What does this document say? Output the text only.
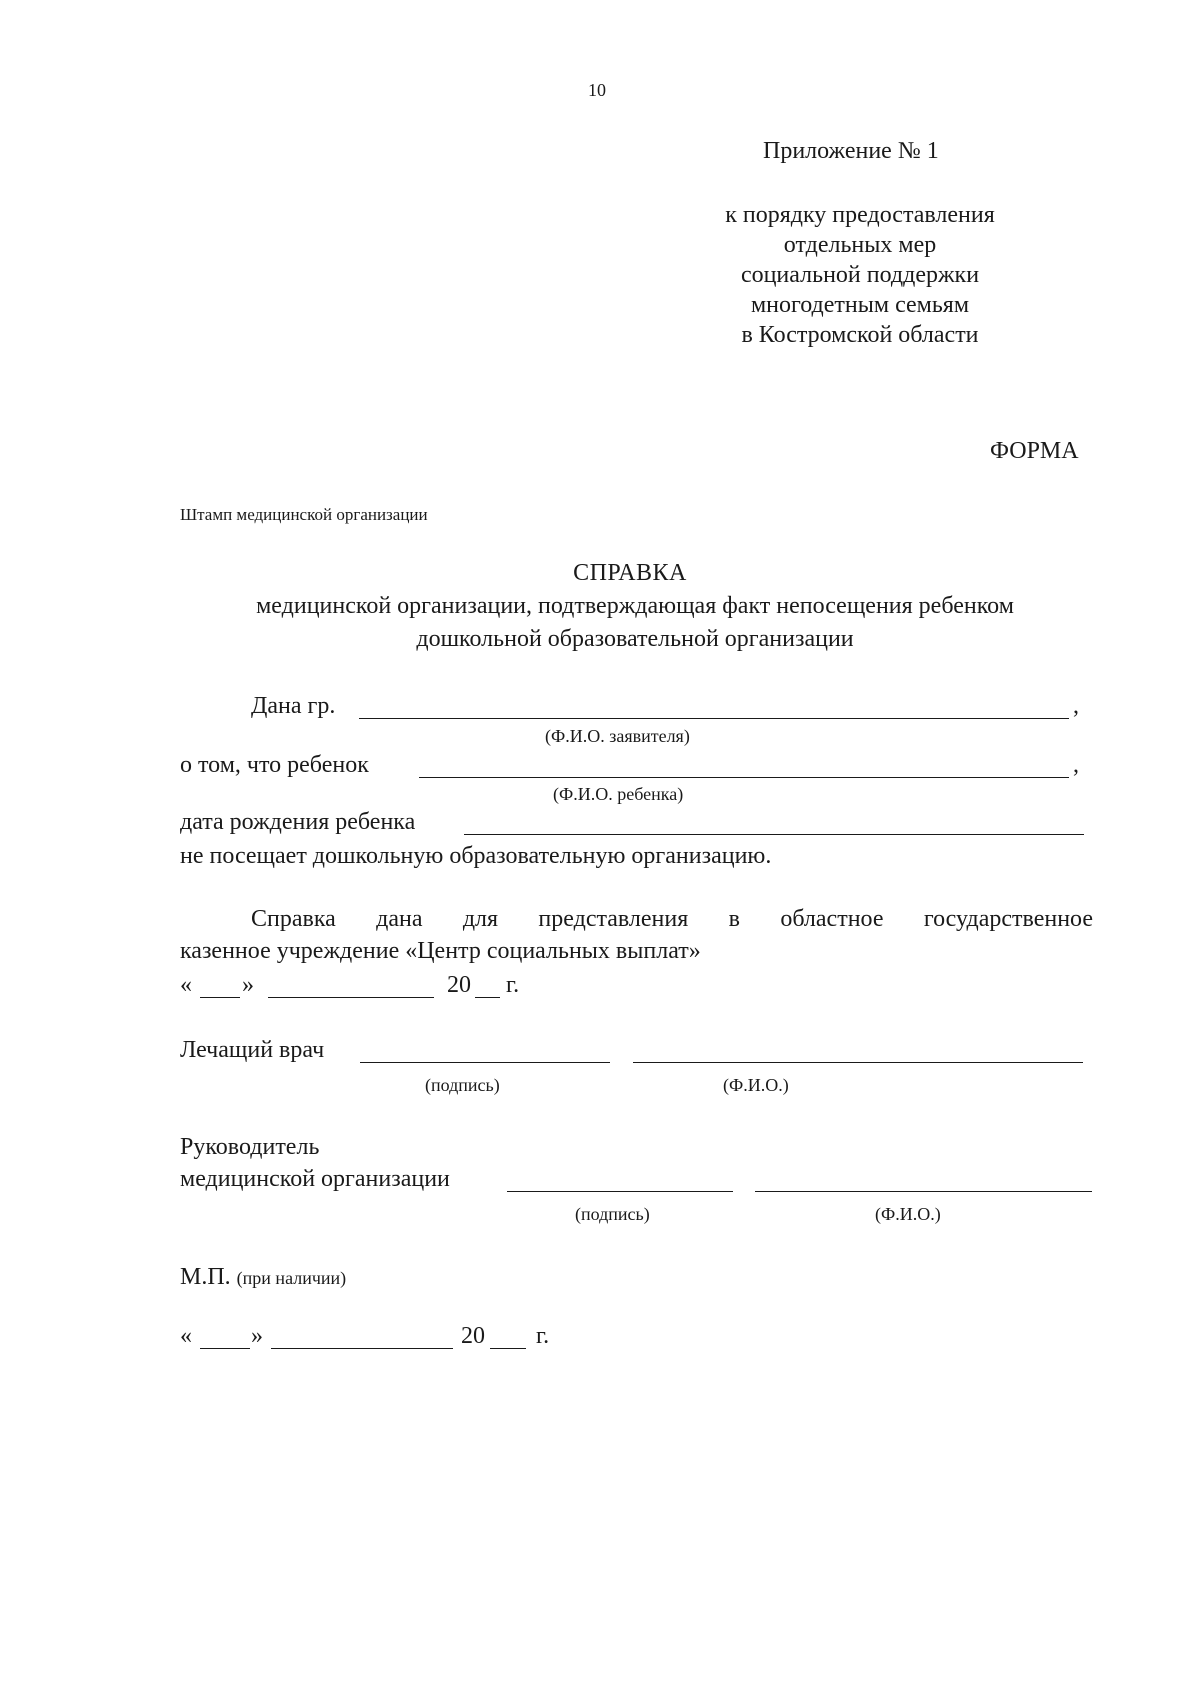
10
Приложение № 1
к порядку предоставления
отдельных мер
социальной поддержки
многодетным семьям
в Костромской области
ФОРМА
Штамп медицинской организации
СПРАВКА
медицинской организации, подтверждающая факт непосещения ребенком
дошкольной образовательной организации
Дана гр.	,
(Ф.И.О. заявителя)
о том, что ребенок	,
(Ф.И.О. ребенка)
дата рождения ребенка
не посещает дошкольную образовательную организацию.
Справка дана для представления в областное государственное
казенное учреждение «Центр социальных выплат»
« »	20 г.
Лечащий врач
(подпись)	(Ф.И.О.)
Руководитель
медицинской организации
(подпись)	(Ф.И.О.)
М.П. (при наличии)
« »	20 г.
